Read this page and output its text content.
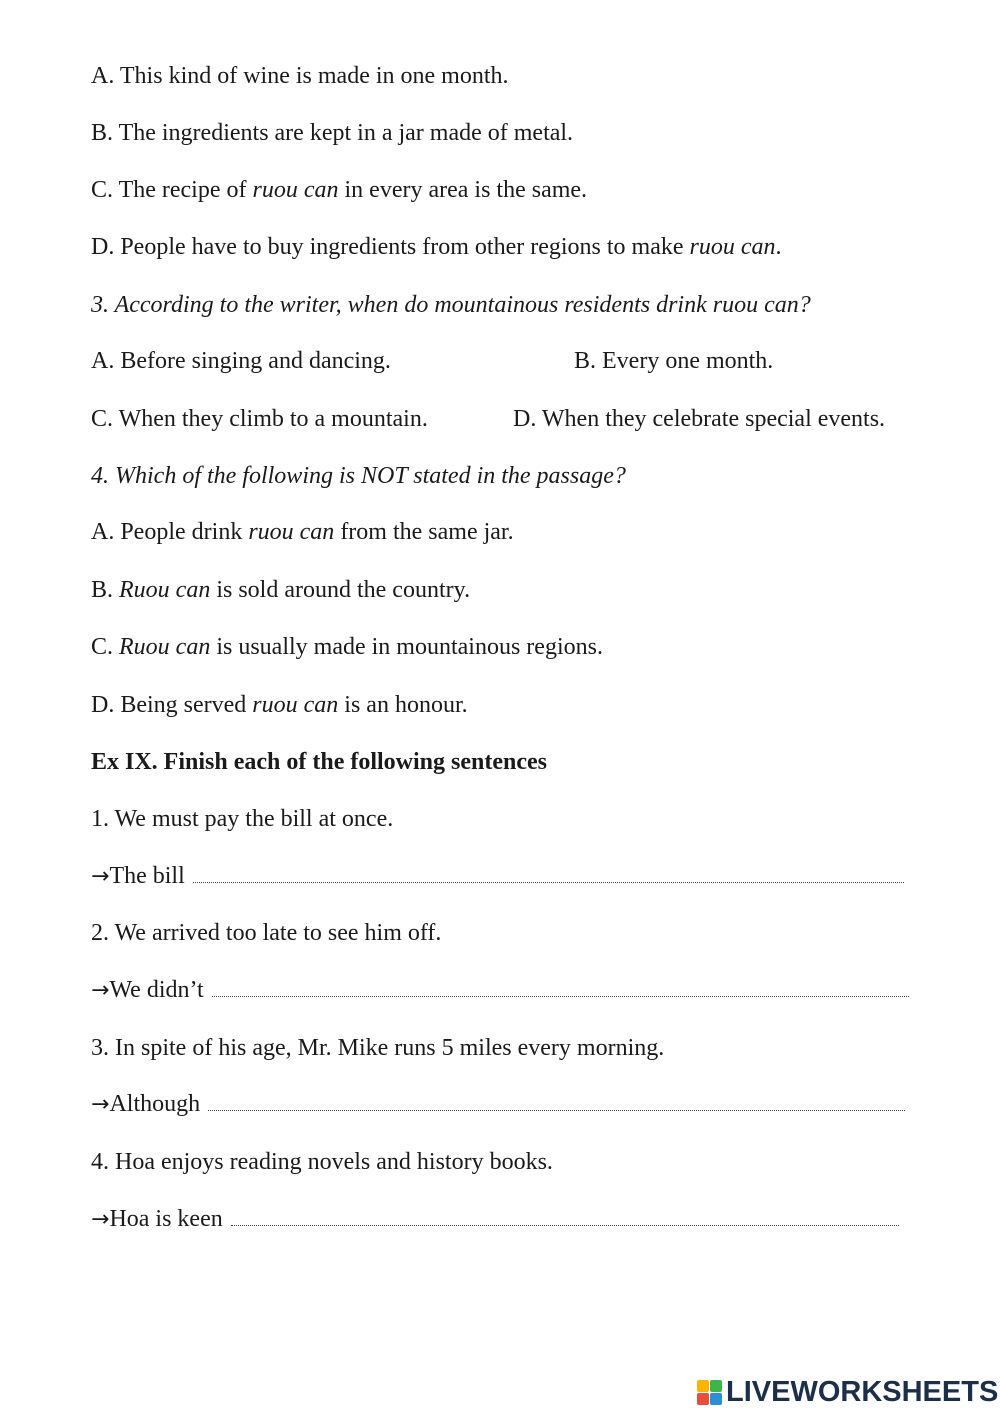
A. This kind of wine is made in one month.
B. The ingredients are kept in a jar made of metal.
C. The recipe of ruou can in every area is the same.
D. People have to buy ingredients from other regions to make ruou can.
3. According to the writer, when do mountainous residents drink ruou can?
A. Before singing and dancing.	B. Every one month.
C. When they climb to a mountain.	D. When they celebrate special events.
4. Which of the following is NOT stated in the passage?
A. People drink ruou can from the same jar.
B. Ruou can is sold around the country.
C. Ruou can is usually made in mountainous regions.
D. Being served ruou can is an honour.
Ex IX. Finish each of the following sentences
1. We must pay the bill at once.
→ The bill
2. We arrived too late to see him off.
→ We didn’t
3. In spite of his age, Mr. Mike runs 5 miles every morning.
→ Although
4. Hoa enjoys reading novels and history books.
→ Hoa is keen
LIVEWORKSHEETS
